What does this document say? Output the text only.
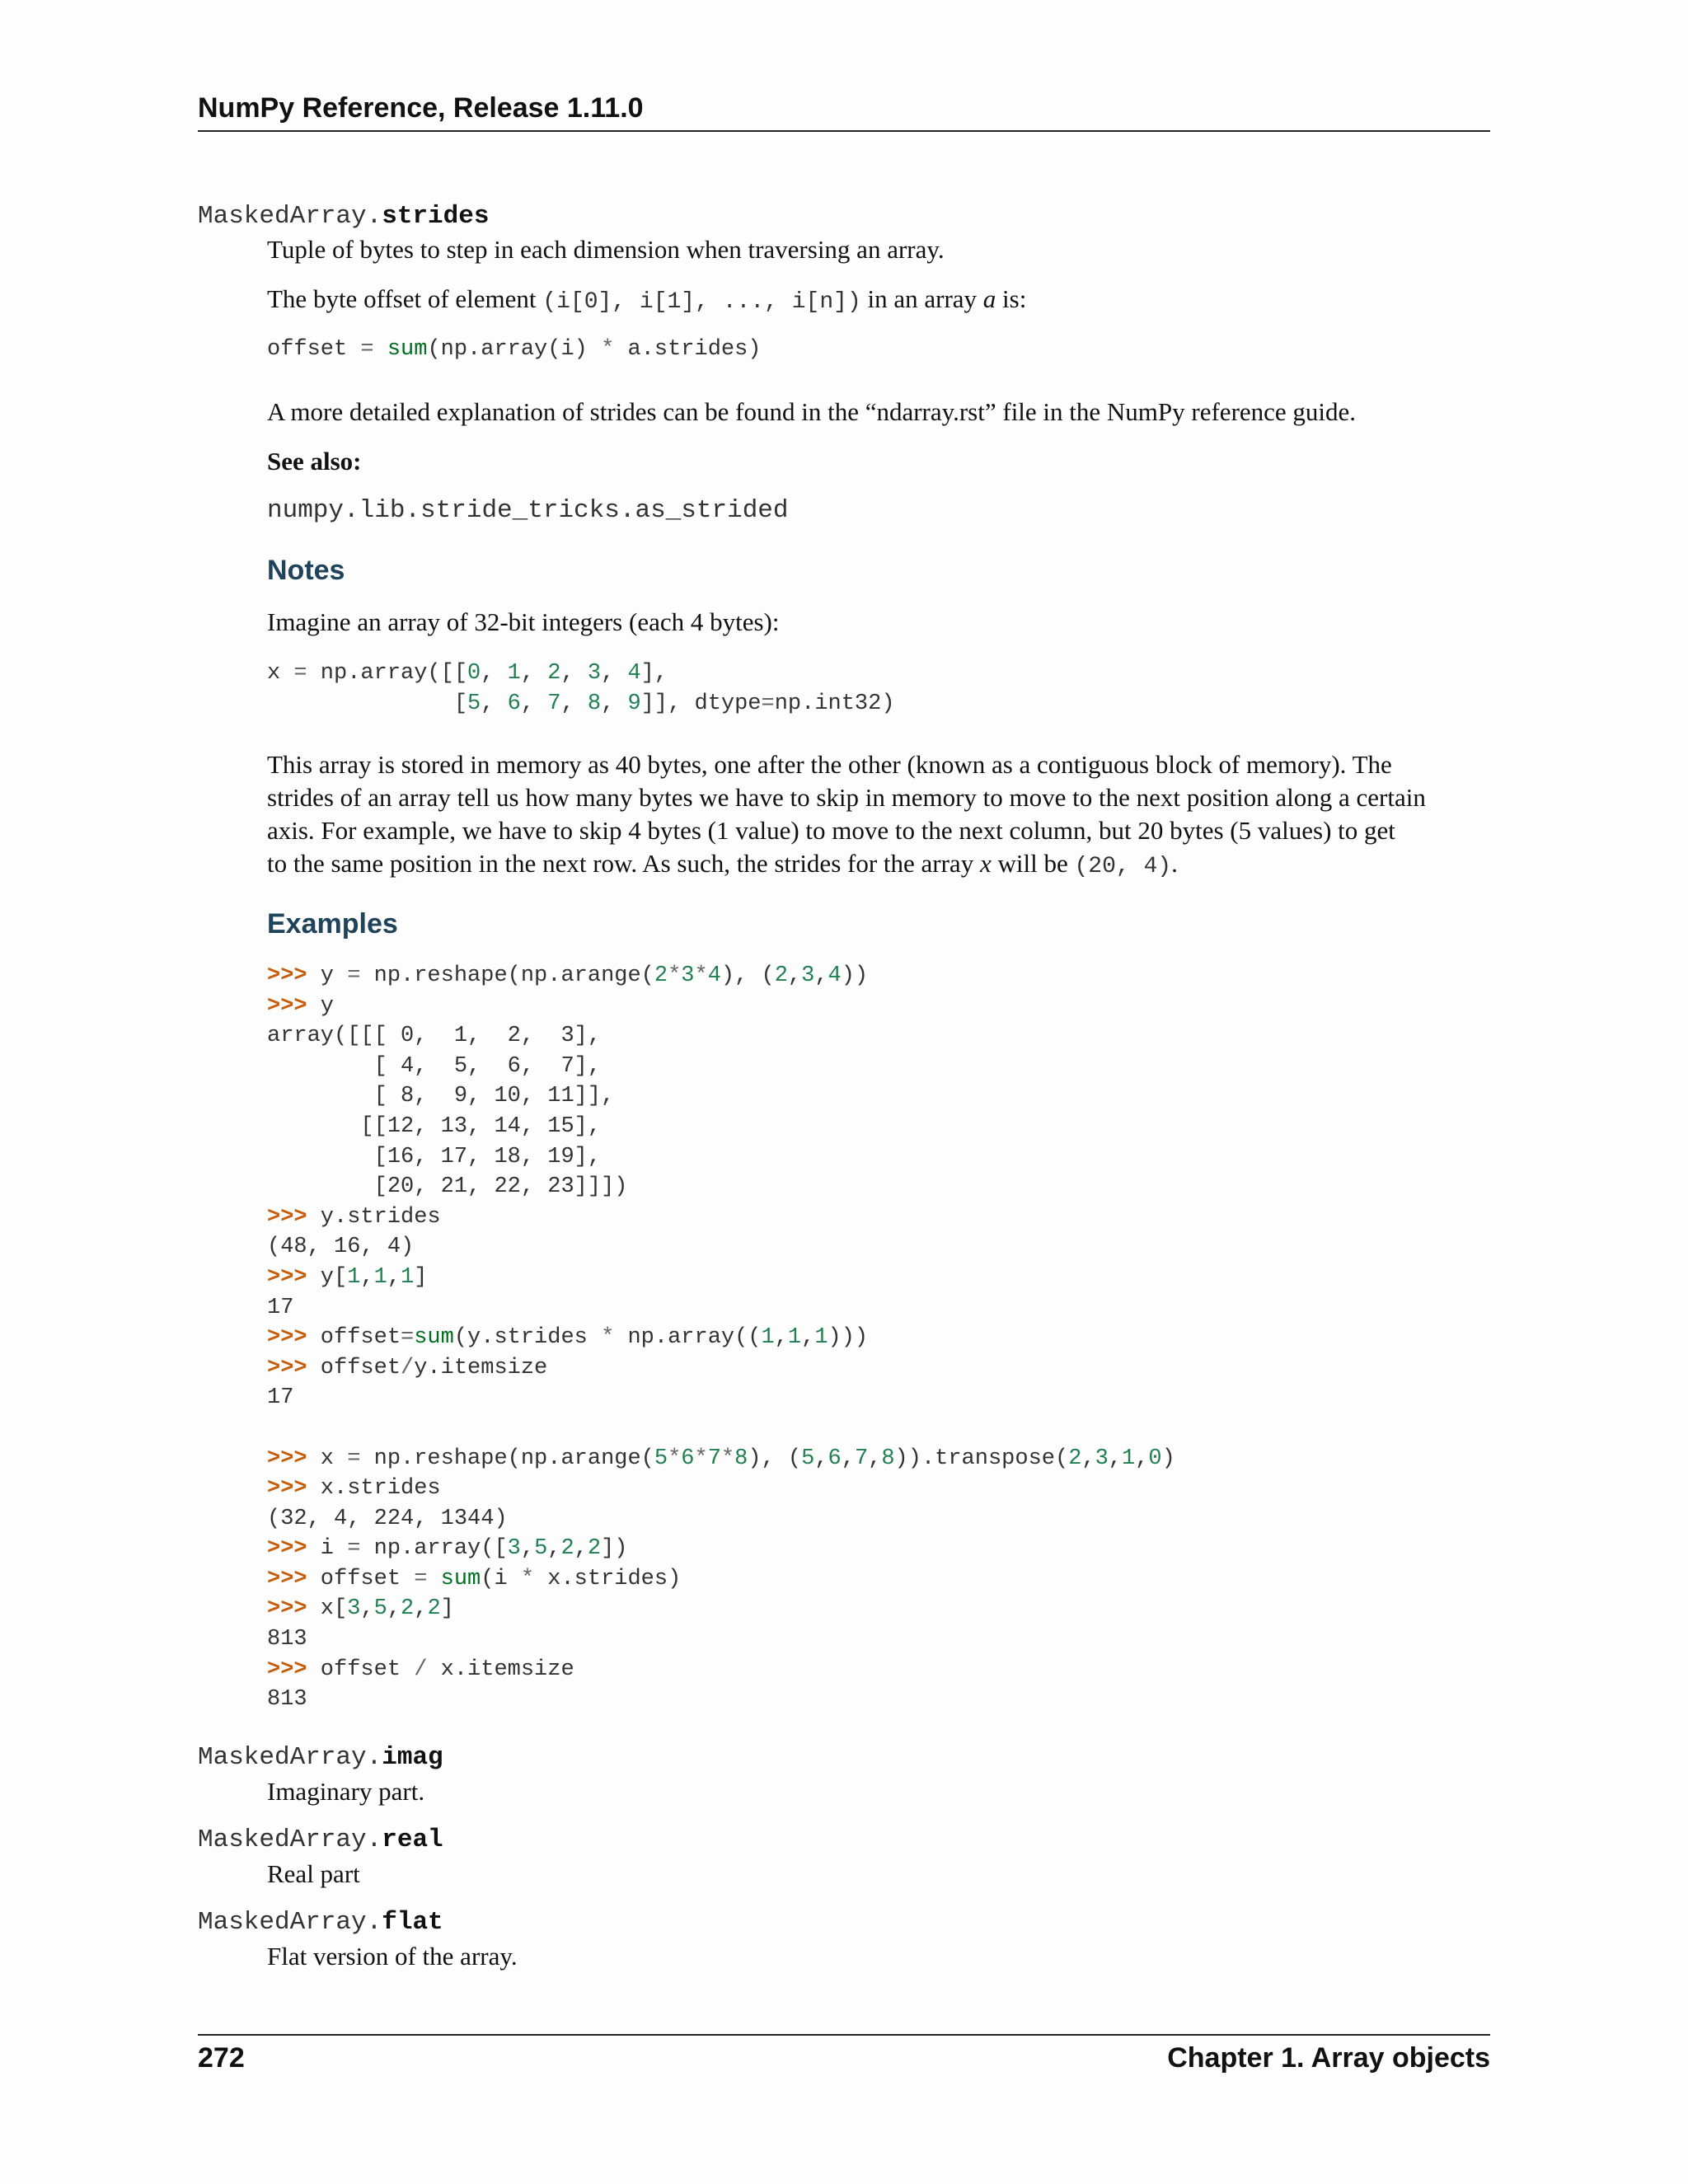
NumPy Reference, Release 1.11.0
MaskedArray.strides
Tuple of bytes to step in each dimension when traversing an array.
The byte offset of element (i[0], i[1], ..., i[n]) in an array a is:
offset = sum(np.array(i) * a.strides)
A more detailed explanation of strides can be found in the “ndarray.rst” file in the NumPy reference guide.
See also:
numpy.lib.stride_tricks.as_strided
Notes
Imagine an array of 32-bit integers (each 4 bytes):
x = np.array([[0, 1, 2, 3, 4],
[5, 6, 7, 8, 9]], dtype=np.int32)
This array is stored in memory as 40 bytes, one after the other (known as a contiguous block of memory). The
strides of an array tell us how many bytes we have to skip in memory to move to the next position along a certain
axis. For example, we have to skip 4 bytes (1 value) to move to the next column, but 20 bytes (5 values) to get
to the same position in the next row. As such, the strides for the array x will be (20, 4).
Examples
>>> y = np.reshape(np.arange(2*3*4), (2,3,4))
>>> y
array([[[ 0,  1,  2,  3],
[ 4,  5,  6,  7],
[ 8,  9, 10, 11]],
[[12, 13, 14, 15],
[16, 17, 18, 19],
[20, 21, 22, 23]]])
>>> y.strides
(48, 16, 4)
>>> y[1,1,1]
17
>>> offset=sum(y.strides * np.array((1,1,1)))
>>> offset/y.itemsize
17

>>> x = np.reshape(np.arange(5*6*7*8), (5,6,7,8)).transpose(2,3,1,0)
>>> x.strides
(32, 4, 224, 1344)
>>> i = np.array([3,5,2,2])
>>> offset = sum(i * x.strides)
>>> x[3,5,2,2]
813
>>> offset / x.itemsize
813
MaskedArray.imag
Imaginary part.
MaskedArray.real
Real part
MaskedArray.flat
Flat version of the array.
272	Chapter 1. Array objects
